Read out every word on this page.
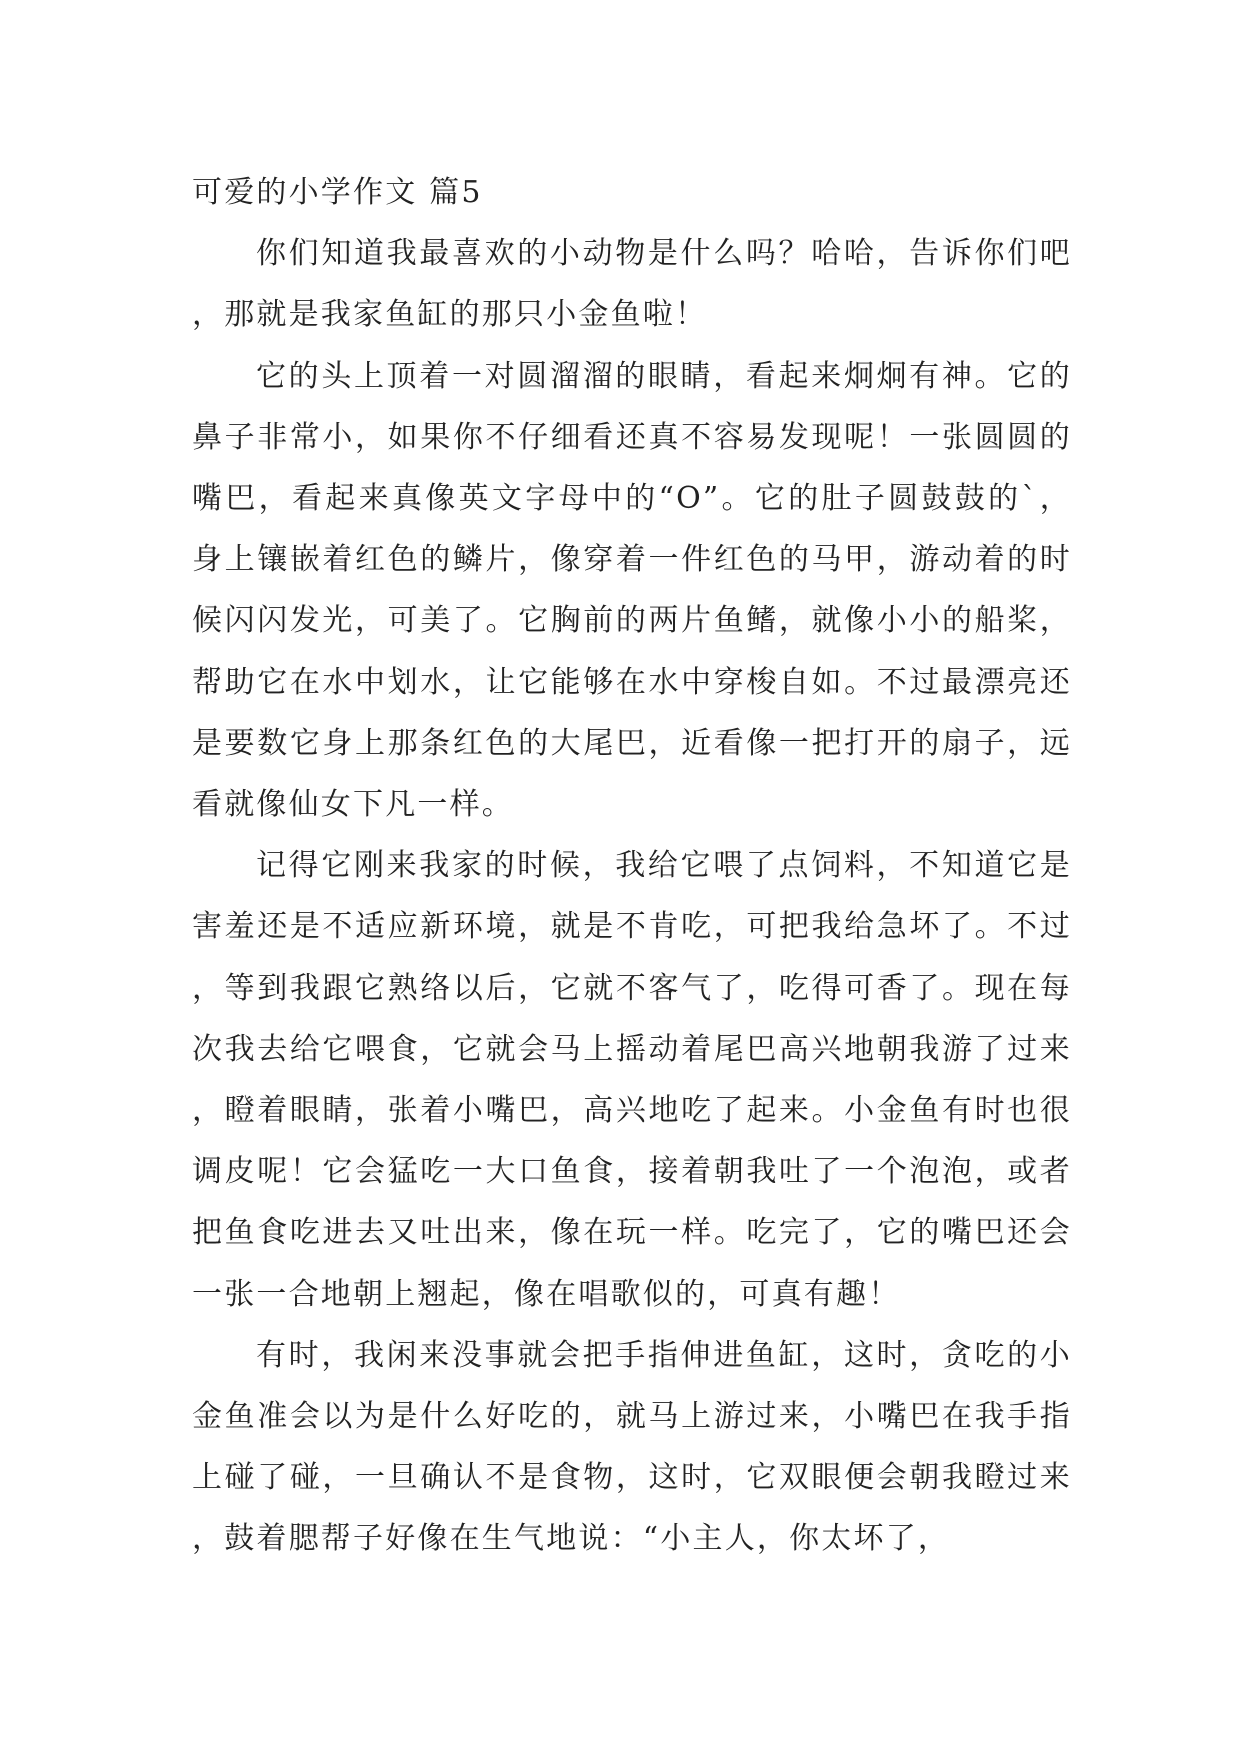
可爱的小学作文 篇5

你们知道我最喜欢的小动物是什么吗？哈哈，告诉你们吧，那就是我家鱼缸的那只小金鱼啦！

它的头上顶着一对圆溜溜的眼睛，看起来炯炯有神。它的鼻子非常小，如果你不仔细看还真不容易发现呢！一张圆圆的嘴巴，看起来真像英文字母中的“O”。它的肚子圆鼓鼓的`，身上镶嵌着红色的鳞片，像穿着一件红色的马甲，游动着的时候闪闪发光，可美了。它胸前的两片鱼鳍，就像小小的船桨，帮助它在水中划水，让它能够在水中穿梭自如。不过最漂亮还是要数它身上那条红色的大尾巴，近看像一把打开的扇子，远看就像仙女下凡一样。

记得它刚来我家的时候，我给它喂了点饲料，不知道它是害羞还是不适应新环境，就是不肯吃，可把我给急坏了。不过，等到我跟它熟络以后，它就不客气了，吃得可香了。现在每次我去给它喂食，它就会马上摇动着尾巴高兴地朝我游了过来，瞪着眼睛，张着小嘴巴，高兴地吃了起来。小金鱼有时也很调皮呢！它会猛吃一大口鱼食，接着朝我吐了一个泡泡，或者把鱼食吃进去又吐出来，像在玩一样。吃完了，它的嘴巴还会一张一合地朝上翘起，像在唱歌似的，可真有趣！

有时，我闲来没事就会把手指伸进鱼缸，这时，贪吃的小金鱼准会以为是什么好吃的，就马上游过来，小嘴巴在我手指上碰了碰，一旦确认不是食物，这时，它双眼便会朝我瞪过来，鼓着腮帮子好像在生气地说：“小主人，你太坏了，
